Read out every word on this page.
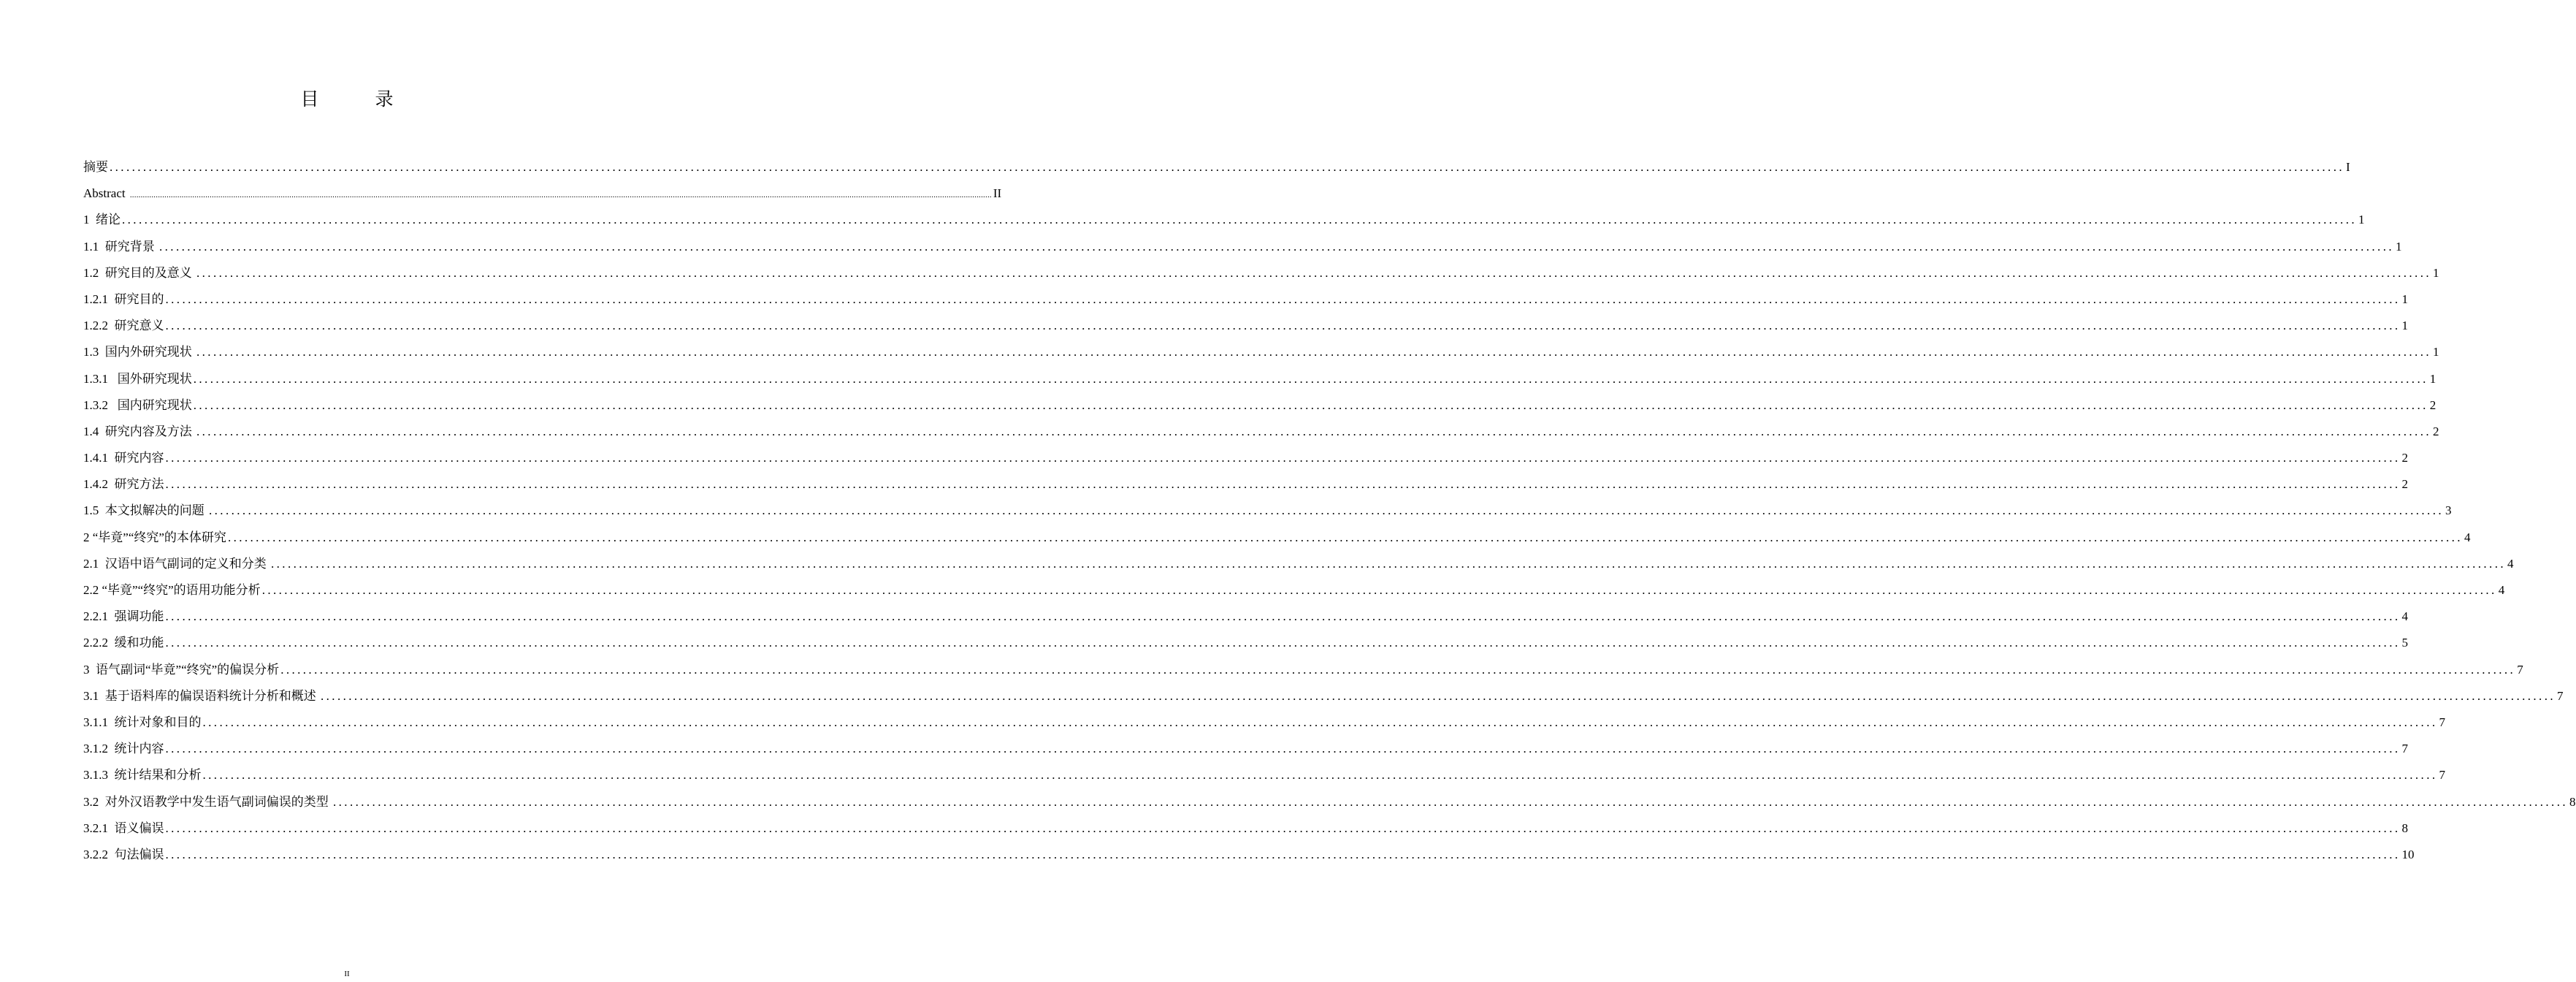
目　录
摘要 ................................................................................................................................................................................................................................................................................................................................................................................................................ I
Abstract ................................................................................................................................................................................................................................................................................................................................................................................................................ II
1  绪论 ................................................................................................................................................................................................................................................................................................................................................................................................................ 1
1.1  研究背景 ................................................................................................................................................................................................................................................................................................................................................................................................................ 1
1.2  研究目的及意义 ................................................................................................................................................................................................................................................................................................................................................................................................................ 1
1.2.1  研究目的 ................................................................................................................................................................................................................................................................................................................................................................................................................ 1
1.2.2  研究意义 ................................................................................................................................................................................................................................................................................................................................................................................................................ 1
1.3  国内外研究现状 ................................................................................................................................................................................................................................................................................................................................................................................................................ 1
1.3.1   国外研究现状 ................................................................................................................................................................................................................................................................................................................................................................................................................ 1
1.3.2   国内研究现状 ................................................................................................................................................................................................................................................................................................................................................................................................................ 2
1.4  研究内容及方法 ................................................................................................................................................................................................................................................................................................................................................................................................................ 2
1.4.1  研究内容 ................................................................................................................................................................................................................................................................................................................................................................................................................ 2
1.4.2  研究方法 ................................................................................................................................................................................................................................................................................................................................................................................................................ 2
1.5  本文拟解决的问题 ................................................................................................................................................................................................................................................................................................................................................................................................................ 3
2 “毕竟”“终究”的本体研究 ................................................................................................................................................................................................................................................................................................................................................................................................................ 4
2.1  汉语中语气副词的定义和分类 ................................................................................................................................................................................................................................................................................................................................................................................................................ 4
2.2 “毕竟”“终究”的语用功能分析 ................................................................................................................................................................................................................................................................................................................................................................................................................ 4
2.2.1  强调功能 ................................................................................................................................................................................................................................................................................................................................................................................................................ 4
2.2.2  缓和功能 ................................................................................................................................................................................................................................................................................................................................................................................................................ 5
3  语气副词“毕竟”“终究”的偏误分析 ................................................................................................................................................................................................................................................................................................................................................................................................................ 7
3.1  基于语料库的偏误语料统计分析和概述 ................................................................................................................................................................................................................................................................................................................................................................................................................ 7
3.1.1  统计对象和目的 ................................................................................................................................................................................................................................................................................................................................................................................................................ 7
3.1.2  统计内容 ................................................................................................................................................................................................................................................................................................................................................................................................................ 7
3.1.3  统计结果和分析 ................................................................................................................................................................................................................................................................................................................................................................................................................ 7
3.2  对外汉语教学中发生语气副词偏误的类型 ................................................................................................................................................................................................................................................................................................................................................................................................................ 8
3.2.1  语义偏误 ................................................................................................................................................................................................................................................................................................................................................................................................................ 8
3.2.2  句法偏误 ................................................................................................................................................................................................................................................................................................................................................................................................................ 10
II
